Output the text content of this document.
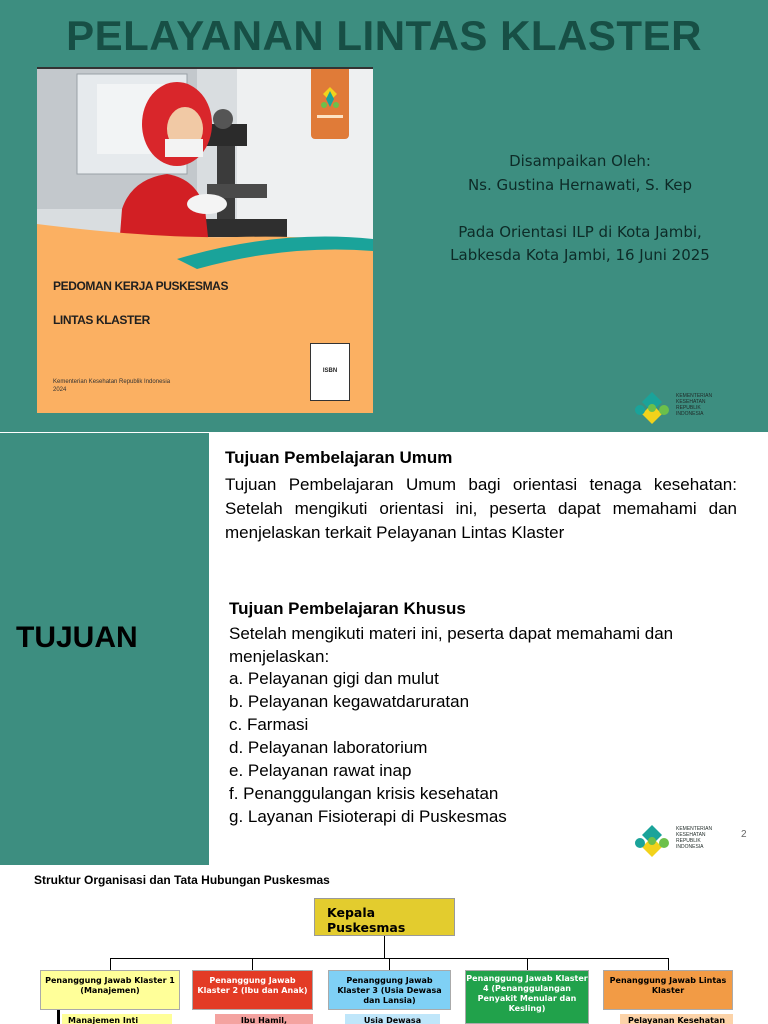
PELAYANAN LINTAS KLASTER
PEDOMAN KERJA PUSKESMAS
LINTAS KLASTER
Kementerian Kesehatan Republik Indonesia
2024
ISBN
Disampaikan Oleh:
Ns. Gustina Hernawati, S. Kep
Pada Orientasi ILP di Kota Jambi,
Labkesda Kota Jambi, 16 Juni 2025
KEMENTERIAN
KESEHATAN
REPUBLIK
INDONESIA
TUJUAN
Tujuan Pembelajaran Umum
Tujuan Pembelajaran Umum bagi orientasi tenaga kesehatan: Setelah mengikuti orientasi ini, peserta dapat memahami dan menjelaskan terkait Pelayanan Lintas Klaster
Tujuan Pembelajaran Khusus
Setelah mengikuti materi ini, peserta dapat memahami dan menjelaskan:
a. Pelayanan gigi dan mulut
b. Pelayanan kegawatdaruratan
c. Farmasi
d. Pelayanan laboratorium
e. Pelayanan rawat inap
f. Penanggulangan krisis kesehatan
g. Layanan Fisioterapi di Puskesmas
KEMENTERIAN
KESEHATAN
REPUBLIK
INDONESIA
2
Struktur Organisasi dan Tata Hubungan Puskesmas
Kepala Puskesmas
Penanggung Jawab Klaster 1 (Manajemen)
Penanggung Jawab Klaster 2 (Ibu dan Anak)
Penanggung Jawab Klaster 3 (Usia Dewasa dan Lansia)
Penanggung Jawab Klaster 4 (Penanggulangan Penyakit Menular dan Kesling)
Penanggung Jawab Lintas Klaster
Manajemen Inti	Ibu Hamil,	Usia Dewasa	Pelayanan Kesehatan
